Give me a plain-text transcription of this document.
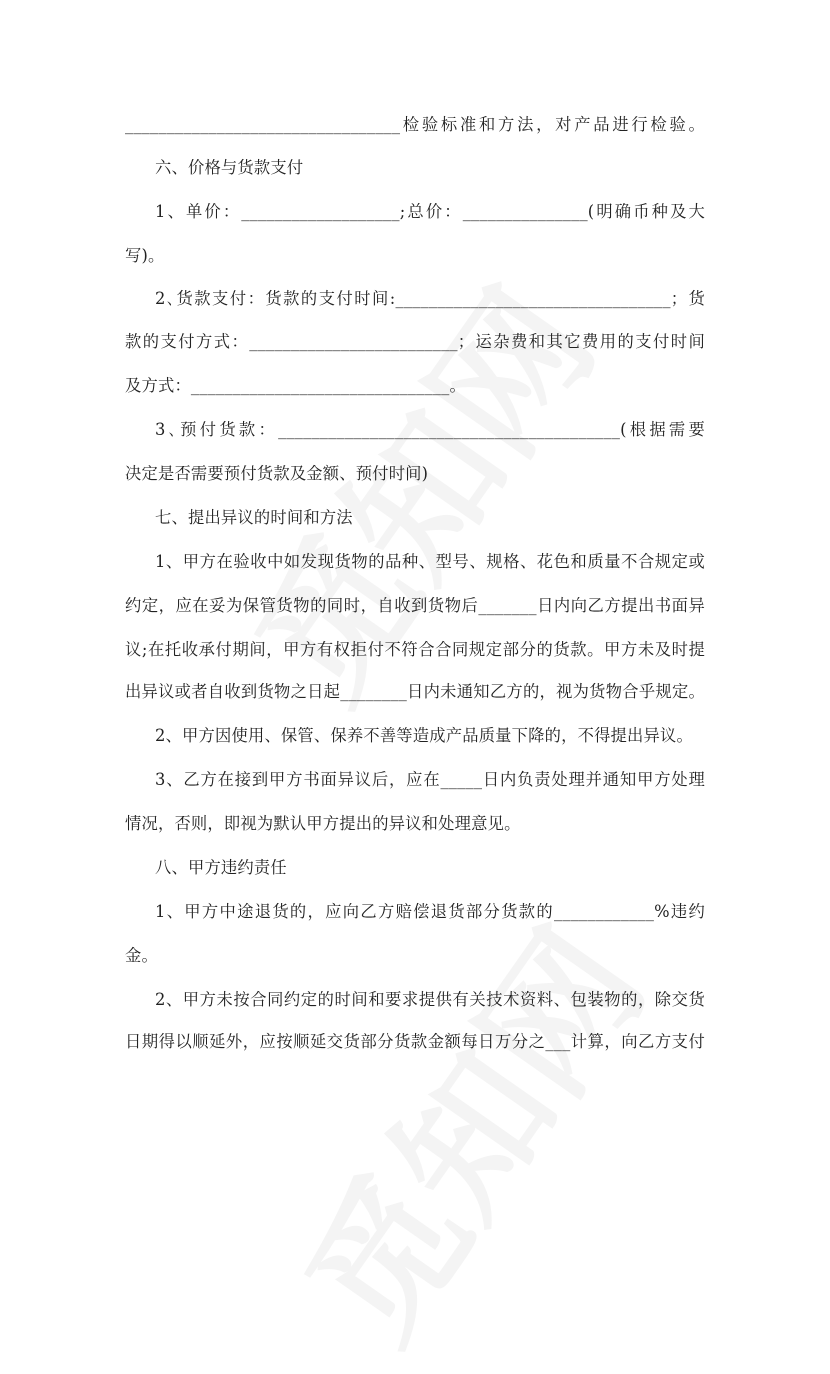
_________________________________检验标准和方法，对产品进行检验。
六、价格与货款支付
1、单价：___________________;总价：_______________(明确币种及大
写)。
2､货款支付：货款的支付时间:_________________________________；货
款的支付方式：_________________________；运杂费和其它费用的支付时间
及方式：_______________________________。
3､预付货款：_________________________________________(根据需要
决定是否需要预付货款及金额、预付时间)
七、提出异议的时间和方法
1、甲方在验收中如发现货物的品种、型号、规格、花色和质量不合规定或
约定，应在妥为保管货物的同时，自收到货物后_______日内向乙方提出书面异
议;在托收承付期间，甲方有权拒付不符合合同规定部分的货款。甲方未及时提
出异议或者自收到货物之日起________日内未通知乙方的，视为货物合乎规定。
2、甲方因使用、保管、保养不善等造成产品质量下降的，不得提出异议。
3、乙方在接到甲方书面异议后，应在_____日内负责处理并通知甲方处理
情况，否则，即视为默认甲方提出的异议和处理意见。
八、甲方违约责任
1、甲方中途退货的，应向乙方赔偿退货部分货款的____________%违约
金。
2、甲方未按合同约定的时间和要求提供有关技术资料、包装物的，除交货
日期得以顺延外，应按顺延交货部分货款金额每日万分之___计算，向乙方支付
